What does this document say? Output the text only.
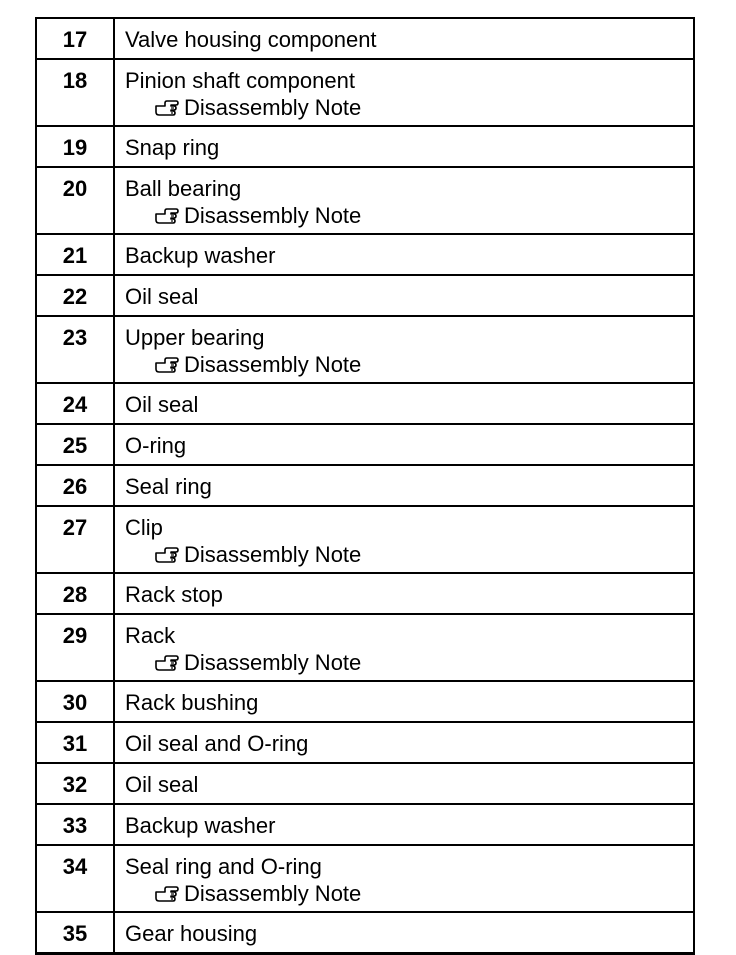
17	Valve housing component
18	Pinion shaft component
Disassembly Note

19	Snap ring
20	Ball bearing
Disassembly Note

21	Backup washer
22	Oil seal
23	Upper bearing
Disassembly Note

24	Oil seal
25	O-ring
26	Seal ring
27	Clip
Disassembly Note

28	Rack stop
29	Rack
Disassembly Note

30	Rack bushing
31	Oil seal and O-ring
32	Oil seal
33	Backup washer
34	Seal ring and O-ring
Disassembly Note

35	Gear housing
